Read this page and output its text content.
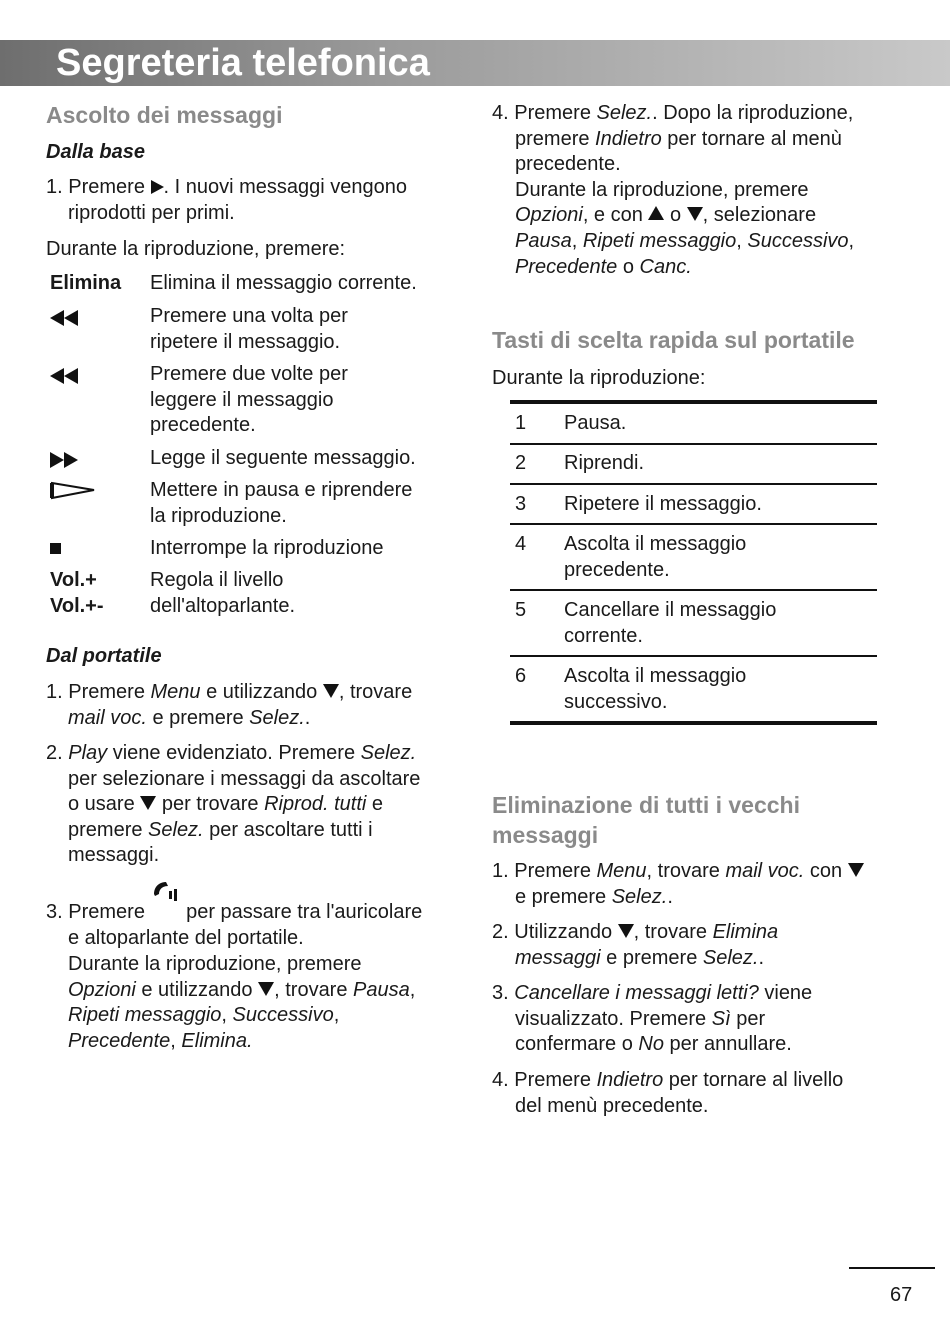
Segreteria telefonica
Ascolto dei messaggi
Dalla base
1. Premere . I nuovi messaggi vengono
riprodotti per primi.
Durante la riproduzione, premere:
Elimina Elimina il messaggio corrente.
Premere una volta per
ripetere il messaggio.
Premere due volte per
leggere il messaggio
precedente.
Legge il seguente messaggio.
Mettere in pausa e riprendere
la riproduzione.
Interrompe la riproduzione
Vol.+
Vol.+-
Regola il livello
dell'altoparlante.
Dal portatile
1. Premere Menu e utilizzando , trovare
mail voc. e premere Selez..
2. Play viene evidenziato. Premere Selez.
per selezionare i messaggi da ascoltare
o usare  per trovare Riprod. tutti e
premere Selez. per ascoltare tutti i
messaggi.
3. Premere per passare tra l'auricolare
e altoparlante del portatile.
Durante la riproduzione, premere
Opzioni e utilizzando , trovare Pausa,
Ripeti messaggio, Successivo,
Precedente, Elimina.
4. Premere Selez.. Dopo la riproduzione,
premere Indietro per tornare al menù
precedente.
Durante la riproduzione, premere
Opzioni, e con  o , selezionare
Pausa, Ripeti messaggio, Successivo,
Precedente o Canc.
Tasti di scelta rapida sul portatile
Durante la riproduzione:
1 Pausa.
2 Riprendi.
3 Ripetere il messaggio.
4 Ascolta il messaggio
precedente.
5 Cancellare il messaggio
corrente.
6 Ascolta il messaggio
successivo.
Eliminazione di tutti i vecchi
messaggi
1. Premere Menu, trovare mail voc. con
e premere Selez..
2. Utilizzando , trovare Elimina
messaggi e premere Selez..
3. Cancellare i messaggi letti? viene
visualizzato. Premere Sì per
confermare o No per annullare.
4. Premere Indietro per tornare al livello
del menù precedente.
67
